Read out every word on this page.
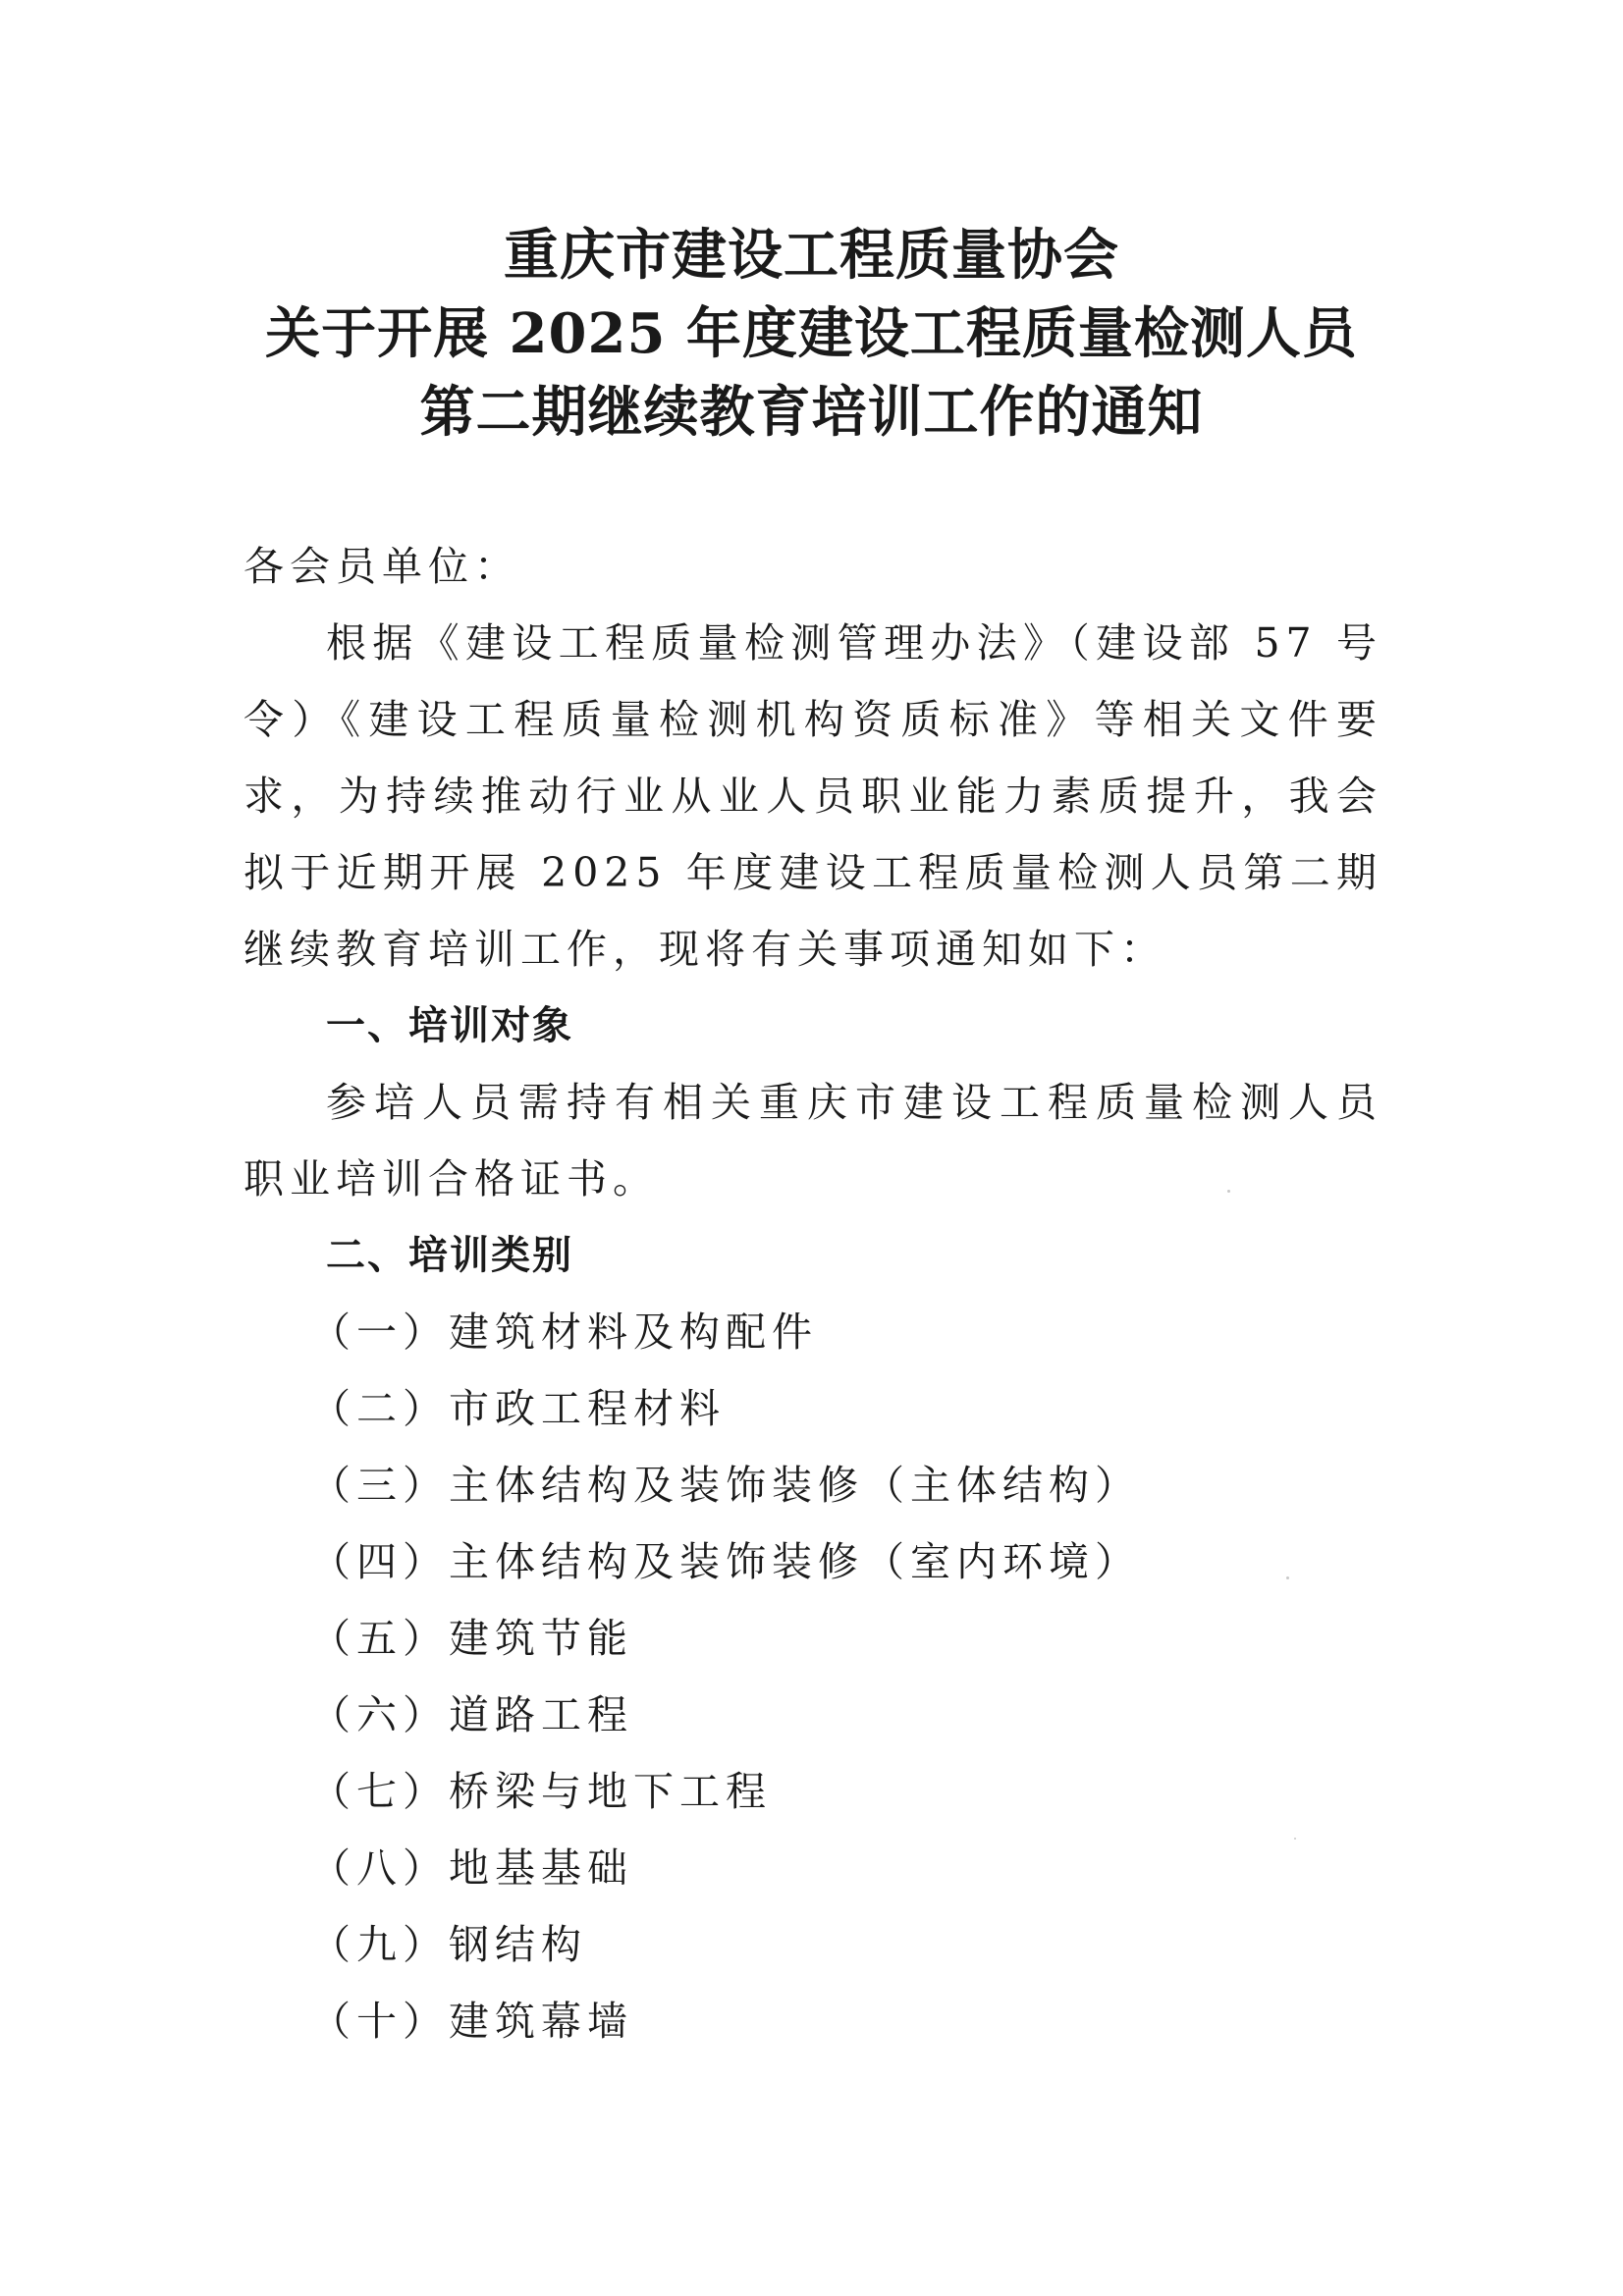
重庆市建设工程质量协会
关于开展 2025 年度建设工程质量检测人员
第二期继续教育培训工作的通知
各会员单位：
根据《建设工程质量检测管理办法》（建设部 57 号令）《建设工程质量检测机构资质标准》等相关文件要求，为持续推动行业从业人员职业能力素质提升，我会拟于近期开展 2025 年度建设工程质量检测人员第二期继续教育培训工作，现将有关事项通知如下：
一、培训对象
参培人员需持有相关重庆市建设工程质量检测人员职业培训合格证书。
二、培训类别
（一）建筑材料及构配件
（二）市政工程材料
（三）主体结构及装饰装修（主体结构）
（四）主体结构及装饰装修（室内环境）
（五）建筑节能
（六）道路工程
（七）桥梁与地下工程
（八）地基基础
（九）钢结构
（十）建筑幕墙
